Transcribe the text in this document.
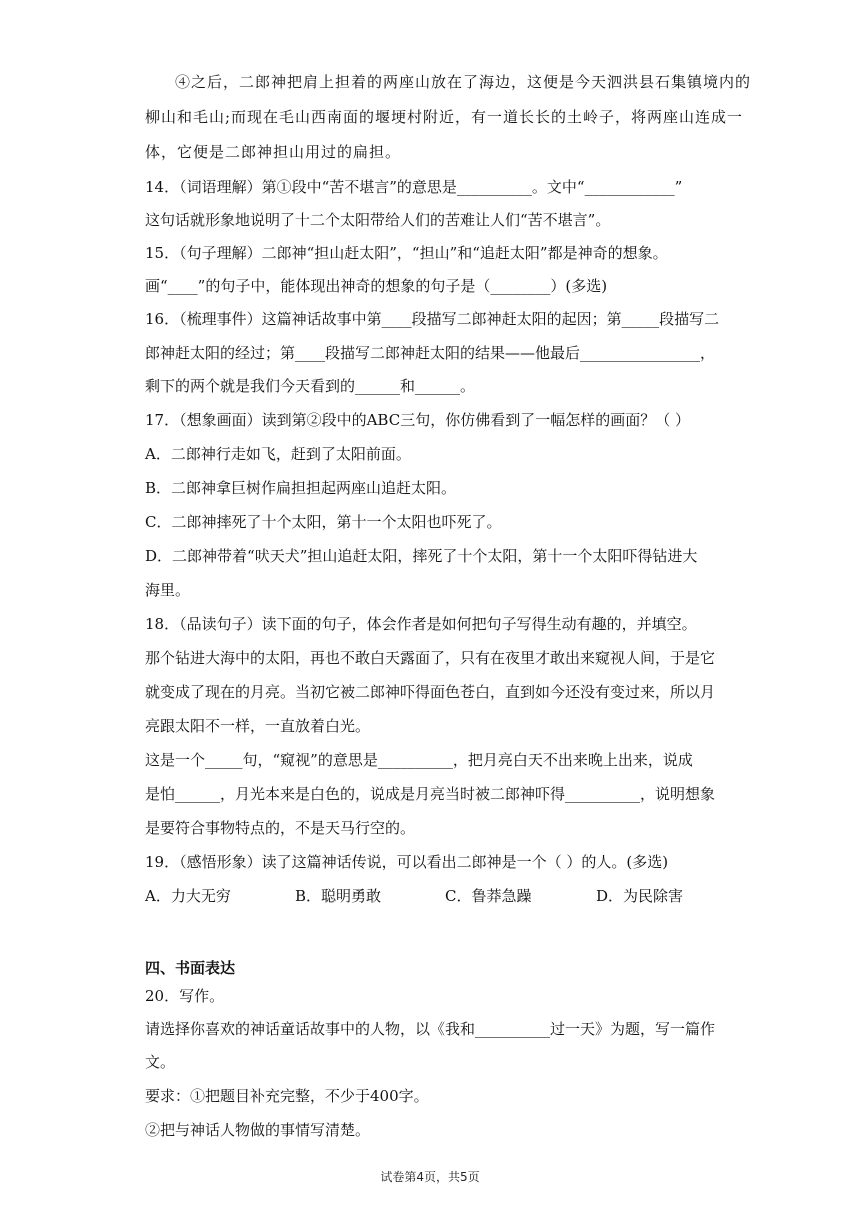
④之后，二郎神把肩上担着的两座山放在了海边，这便是今天泗洪县石集镇境内的
柳山和毛山;而现在毛山西南面的堰埂村附近，有一道长长的土岭子，将两座山连成一
体，它便是二郎神担山用过的扁担。
14．（词语理解）第①段中“苦不堪言”的意思是__________。文中“____________”
这句话就形象地说明了十二个太阳带给人们的苦难让人们“苦不堪言”。
15．（句子理解）二郎神“担山赶太阳”，“担山”和“追赶太阳”都是神奇的想象。
画“____”的句子中，能体现出神奇的想象的句子是（________）(多选)
16．（梳理事件）这篇神话故事中第____段描写二郎神赶太阳的起因；第_____段描写二
郎神赶太阳的经过；第____段描写二郎神赶太阳的结果——他最后________________，
剩下的两个就是我们今天看到的______和______。
17．（想象画面）读到第②段中的ABC三句，你仿佛看到了一幅怎样的画面？（ ）
A．二郎神行走如飞，赶到了太阳前面。
B．二郎神拿巨树作扁担担起两座山追赶太阳。
C．二郎神摔死了十个太阳，第十一个太阳也吓死了。
D．二郎神带着“吠天犬”担山追赶太阳，摔死了十个太阳，第十一个太阳吓得钻进大
海里。
18．（品读句子）读下面的句子，体会作者是如何把句子写得生动有趣的，并填空。
那个钻进大海中的太阳，再也不敢白天露面了，只有在夜里才敢出来窥视人间，于是它
就变成了现在的月亮。当初它被二郎神吓得面色苍白，直到如今还没有变过来，所以月
亮跟太阳不一样，一直放着白光。
这是一个_____句，“窥视”的意思是__________，把月亮白天不出来晚上出来，说成
是怕______，月光本来是白色的，说成是月亮当时被二郎神吓得__________，说明想象
是要符合事物特点的，不是天马行空的。
19．（感悟形象）读了这篇神话传说，可以看出二郎神是一个（ ）的人。(多选)
A．力大无穷	B．聪明勇敢	C．鲁莽急躁	D．为民除害
四、书面表达
20．写作。
请选择你喜欢的神话童话故事中的人物，以《我和__________过一天》为题，写一篇作
文。
要求：①把题目补充完整，不少于400字。
②把与神话人物做的事情写清楚。
试卷第4页，共5页
